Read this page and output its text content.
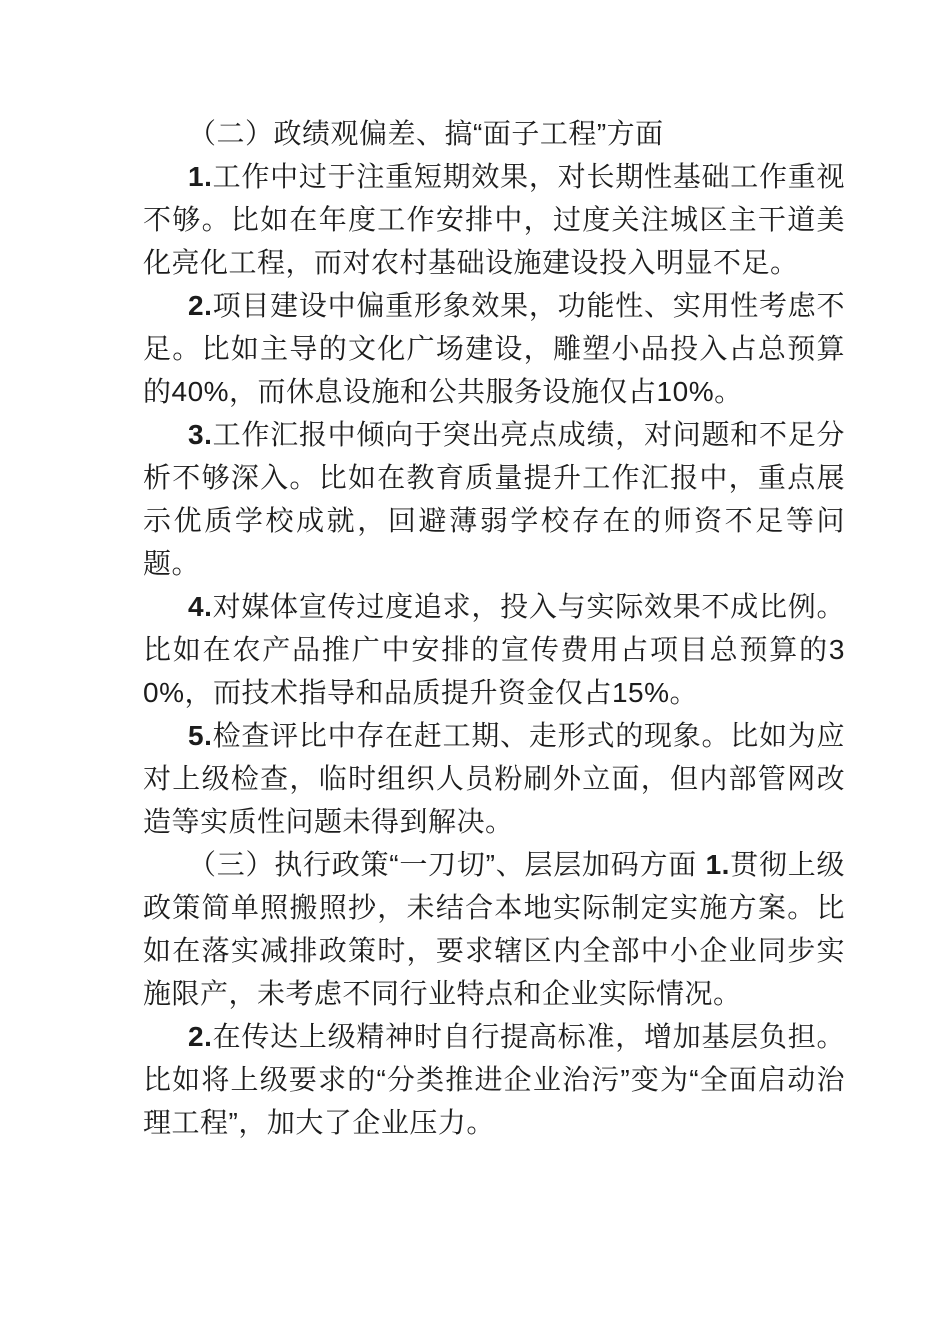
（二）政绩观偏差、搞“面子工程”方面

1.工作中过于注重短期效果，对长期性基础工作重视不够。比如在年度工作安排中，过度关注城区主干道美化亮化工程，而对农村基础设施建设投入明显不足。

2.项目建设中偏重形象效果，功能性、实用性考虑不足。比如主导的文化广场建设，雕塑小品投入占总预算的40%，而休息设施和公共服务设施仅占10%。

3.工作汇报中倾向于突出亮点成绩，对问题和不足分析不够深入。比如在教育质量提升工作汇报中，重点展示优质学校成就，回避薄弱学校存在的师资不足等问题。

4.对媒体宣传过度追求，投入与实际效果不成比例。比如在农产品推广中安排的宣传费用占项目总预算的30%，而技术指导和品质提升资金仅占15%。

5.检查评比中存在赶工期、走形式的现象。比如为应对上级检查，临时组织人员粉刷外立面，但内部管网改造等实质性问题未得到解决。

（三）执行政策“一刀切”、层层加码方面 1.贯彻上级政策简单照搬照抄，未结合本地实际制定实施方案。比如在落实减排政策时，要求辖区内全部中小企业同步实施限产，未考虑不同行业特点和企业实际情况。

2.在传达上级精神时自行提高标准，增加基层负担。比如将上级要求的“分类推进企业治污”变为“全面启动治理工程”，加大了企业压力。
